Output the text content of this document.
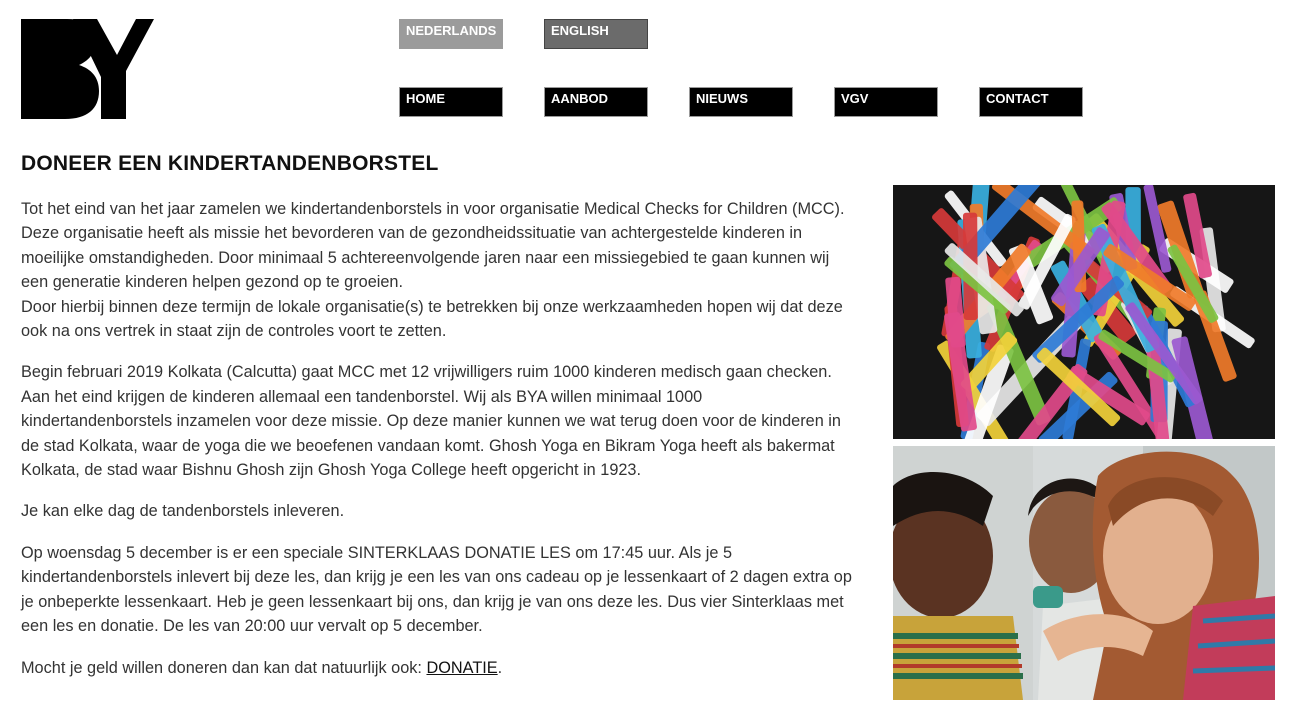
NEDERLANDS	ENGLISH
HOME	AANBOD	NIEUWS	VGV	CONTACT
DONEER EEN KINDERTANDENBORSTEL

Tot het eind van het jaar zamelen we kindertandenborstels in voor organisatie Medical Checks for Children (MCC).
Deze organisatie heeft als missie het bevorderen van de gezondheidssituatie van achtergestelde kinderen in moeilijke omstandigheden. Door minimaal 5 achtereenvolgende jaren naar een missiegebied te gaan kunnen wij een generatie kinderen helpen gezond op te groeien.
Door hierbij binnen deze termijn de lokale organisatie(s) te betrekken bij onze werkzaamheden hopen wij dat deze ook na ons vertrek in staat zijn de controles voort te zetten.

Begin februari 2019 Kolkata (Calcutta) gaat MCC met 12 vrijwilligers ruim 1000 kinderen medisch gaan checken. Aan het eind krijgen de kinderen allemaal een tandenborstel. Wij als BYA willen minimaal 1000 kindertandenborstels inzamelen voor deze missie. Op deze manier kunnen we wat terug doen voor de kinderen in de stad Kolkata, waar de yoga die we beoefenen vandaan komt. Ghosh Yoga en Bikram Yoga heeft als bakermat Kolkata, de stad waar Bishnu Ghosh zijn Ghosh Yoga College heeft opgericht in 1923.

Je kan elke dag de tandenborstels inleveren.

Op woensdag 5 december is er een speciale SINTERKLAAS DONATIE LES om 17:45 uur. Als je 5 kindertandenborstels inlevert bij deze les, dan krijg je een les van ons cadeau op je lessenkaart of 2 dagen extra op je onbeperkte lessenkaart. Heb je geen lessenkaart bij ons, dan krijg je van ons deze les. Dus vier Sinterklaas met een les en donatie. De les van 20:00 uur vervalt op 5 december.

Mocht je geld willen doneren dan kan dat natuurlijk ook: DONATIE.
